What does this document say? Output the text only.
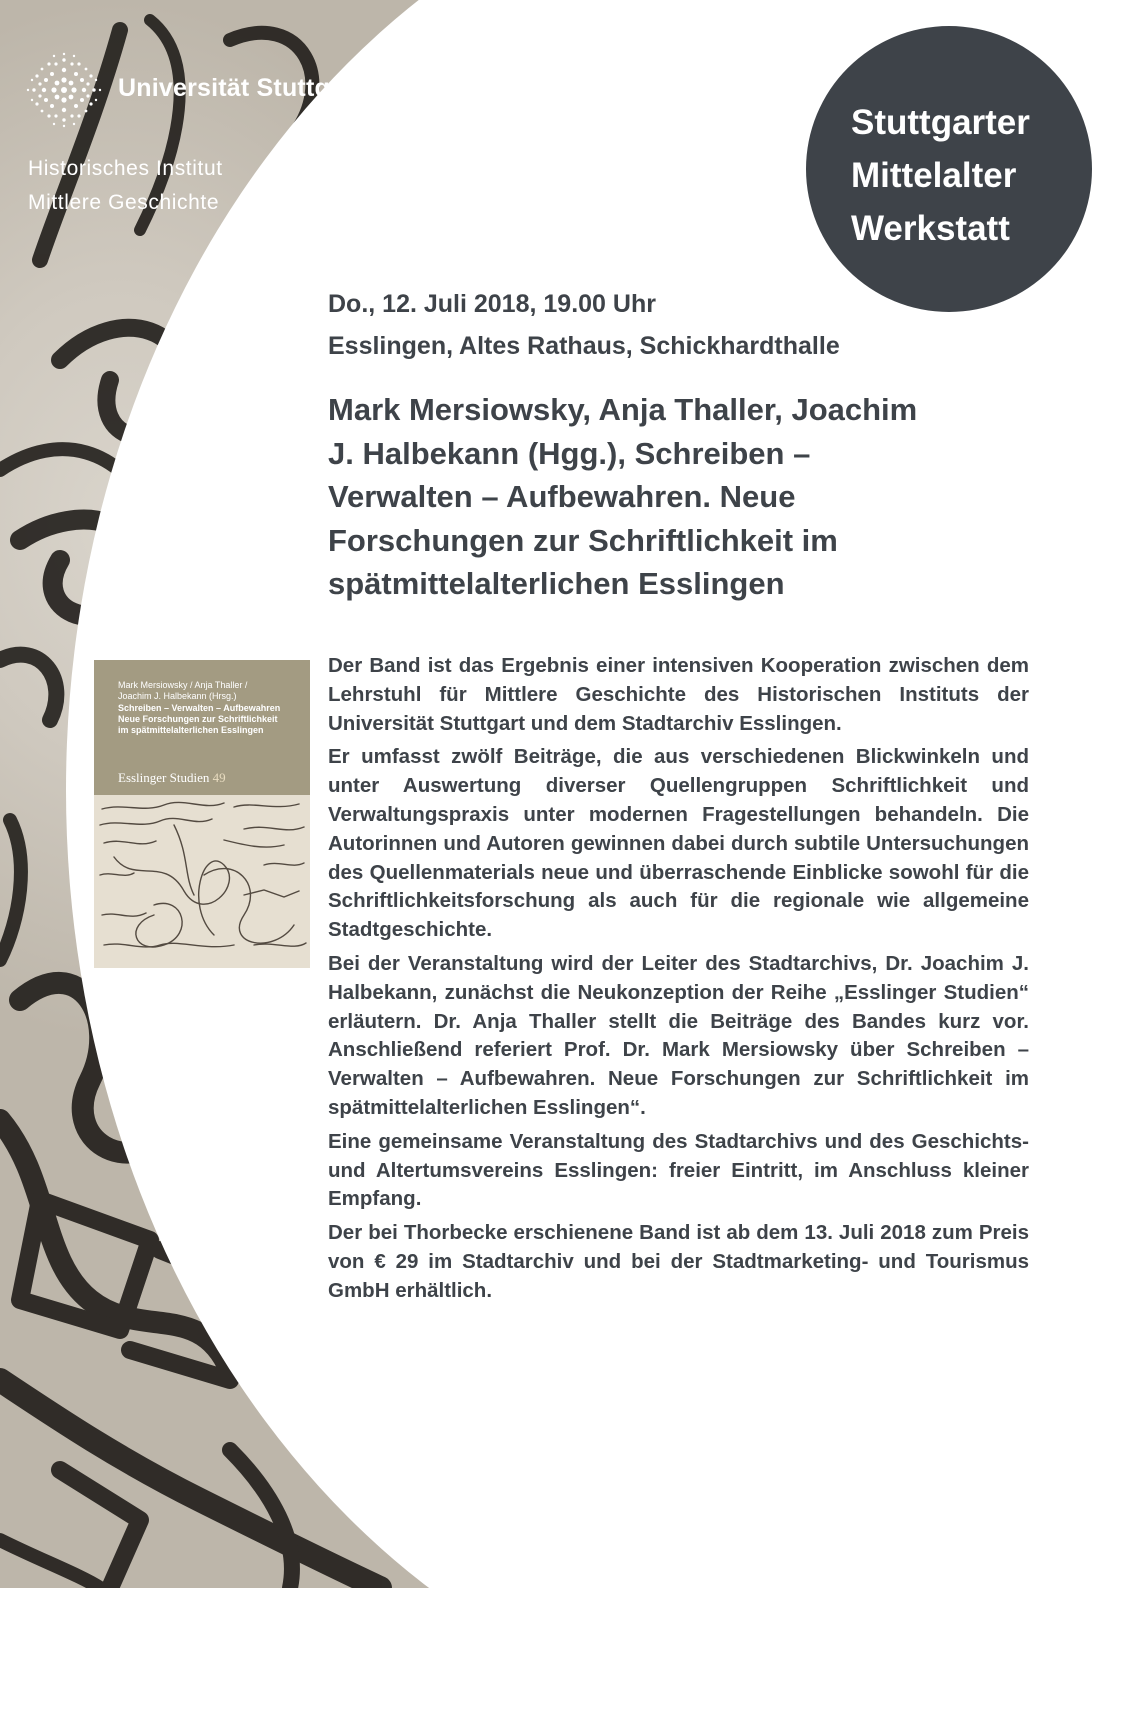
Universität Stuttgart
Historisches Institut
Mittlere Geschichte
Stuttgarter
Mittelalter
Werkstatt
Do., 12. Juli 2018, 19.00 Uhr
Esslingen, Altes Rathaus, Schickhardthalle
Mark Mersiowsky, Anja Thaller, Joachim
J. Halbekann (Hgg.), Schreiben –
Verwalten – Aufbewahren. Neue
Forschungen zur Schriftlichkeit im
spätmittelalterlichen Esslingen
Mark Mersiowsky / Anja Thaller /
Joachim J. Halbekann (Hrsg.)
Schreiben – Verwalten – Aufbewahren
Neue Forschungen zur Schriftlichkeit
im spätmittelalterlichen Esslingen
Esslinger Studien 49

Der Band ist das Ergebnis einer intensiven Kooperation zwischen dem Lehrstuhl für Mittlere Geschichte des Historischen Instituts der Universität Stuttgart und dem Stadtarchiv Esslingen.

Er umfasst zwölf Beiträge, die aus verschiedenen Blickwinkeln und unter Auswertung diverser Quellengruppen Schriftlichkeit und Verwaltungspraxis unter modernen Fragestellungen behandeln. Die Autorinnen und Autoren gewinnen dabei durch subtile Untersuchungen des Quellenmaterials neue und überraschende Einblicke sowohl für die Schriftlichkeitsforschung als auch für die regionale wie allgemeine Stadtgeschichte.

Bei der Veranstaltung wird der Leiter des Stadtarchivs, Dr. Joachim J. Halbekann, zunächst die Neukonzeption der Reihe „Esslinger Studien“ erläutern. Dr. Anja Thaller stellt die Beiträge des Bandes kurz vor. Anschließend referiert Prof. Dr. Mark Mersiowsky über Schreiben – Verwalten – Aufbewahren. Neue Forschungen zur Schriftlichkeit im spätmittelalterlichen Esslingen“.

Eine gemeinsame Veranstaltung des Stadtarchivs und des Geschichts- und Altertumsvereins Esslingen: freier Eintritt, im Anschluss kleiner Empfang.

Der bei Thorbecke erschienene Band ist ab dem 13. Juli 2018 zum Preis von € 29 im Stadtarchiv und bei der Stadtmarketing- und Tourismus GmbH erhältlich.
